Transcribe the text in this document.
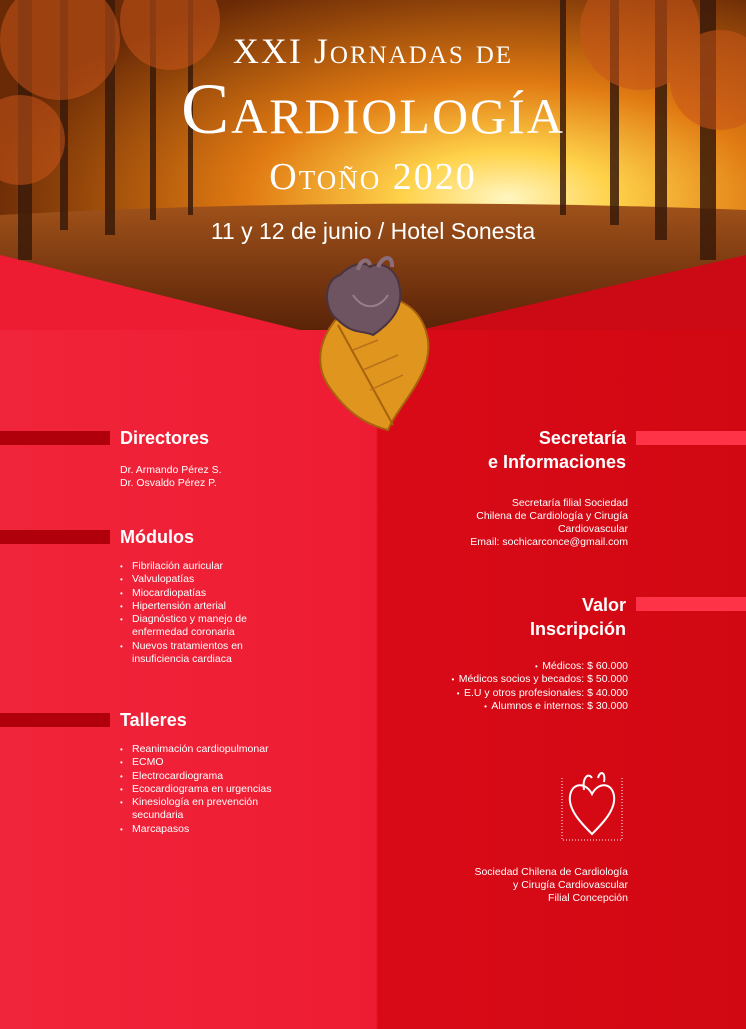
XXI Jornadas de
Cardiología
Otoño 2020
11 y 12 de junio / Hotel Sonesta
Directores
Dr. Armando Pérez S.
Dr. Osvaldo Pérez P.
Módulos
• Fibrilación auricular
• Valvulopatías
• Miocardiopatías
• Hipertensión arterial
• Diagnóstico y manejo de enfermedad coronaria
• Nuevos tratamientos en insuficiencia cardiaca
Talleres
• Reanimación cardiopulmonar
• ECMO
• Electrocardiograma
• Ecocardiograma en urgencias
• Kinesiología en prevención secundaria
• Marcapasos
Secretaría
e Informaciones
Secretaría filial Sociedad
Chilena de Cardiología y Cirugía
Cardiovascular
Email: sochicarconce@gmail.com
Valor
Inscripción
• Médicos: $ 60.000
• Médicos socios y becados: $ 50.000
• E.U y otros profesionales: $ 40.000
• Alumnos e internos: $ 30.000
Sociedad Chilena de Cardiología
y Cirugía Cardiovascular
Filial Concepción
